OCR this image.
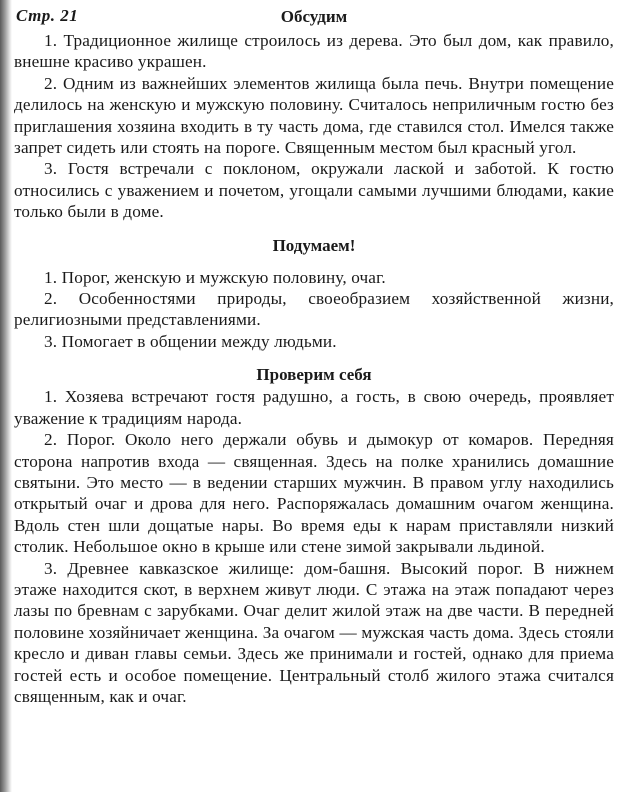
Стр. 21	Обсудим

1. Традиционное жилище строилось из дерева. Это был дом, как правило, внешне красиво украшен.

2. Одним из важнейших элементов жилища была печь. Внутри помещение делилось на женскую и мужскую половину. Считалось неприличным гостю без приглашения хозяина входить в ту часть дома, где ставился стол. Имелся также запрет сидеть или стоять на пороге. Священным местом был красный угол.

3. Гостя встречали с поклоном, окружали лаской и заботой. К гостю относились с уважением и почетом, угощали самыми лучшими блюдами, какие только были в доме.

Подумаем!

1. Порог, женскую и мужскую половину, очаг.

2. Особенностями природы, своеобразием хозяйственной жизни, религиозными представлениями.

3. Помогает в общении между людьми.

Проверим себя

1. Хозяева встречают гостя радушно, а гость, в свою очередь, проявляет уважение к традициям народа.

2. Порог. Около него держали обувь и дымокур от комаров. Передняя сторона напротив входа — священная. Здесь на полке хранились домашние святыни. Это место — в ведении старших мужчин. В правом углу находились открытый очаг и дрова для него. Распоряжалась домашним очагом женщина. Вдоль стен шли дощатые нары. Во время еды к нарам приставляли низкий столик. Небольшое окно в крыше или стене зимой закрывали льдиной.

3. Древнее кавказское жилище: дом-башня. Высокий порог. В нижнем этаже находится скот, в верхнем живут люди. С этажа на этаж попадают через лазы по бревнам с зарубками. Очаг делит жилой этаж на две части. В передней половине хозяйничает женщина. За очагом — мужская часть дома. Здесь стояли кресло и диван главы семьи. Здесь же принимали и гостей, однако для приема гостей есть и особое помещение. Центральный столб жилого этажа считался священным, как и очаг.
